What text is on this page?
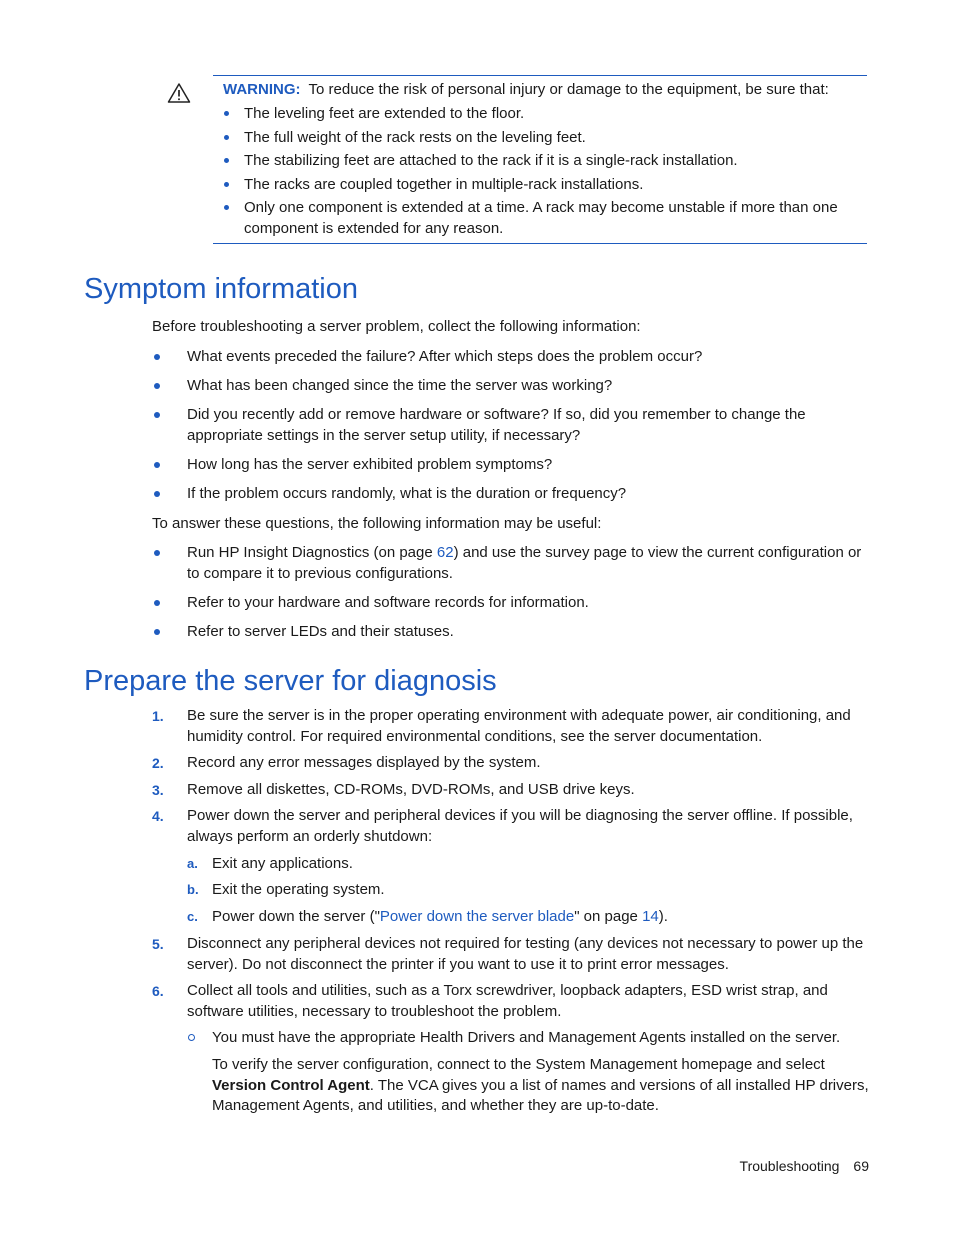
WARNING: To reduce the risk of personal injury or damage to the equipment, be sure that:
The leveling feet are extended to the floor.
The full weight of the rack rests on the leveling feet.
The stabilizing feet are attached to the rack if it is a single-rack installation.
The racks are coupled together in multiple-rack installations.
Only one component is extended at a time. A rack may become unstable if more than one component is extended for any reason.
Symptom information
Before troubleshooting a server problem, collect the following information:
What events preceded the failure? After which steps does the problem occur?
What has been changed since the time the server was working?
Did you recently add or remove hardware or software? If so, did you remember to change the appropriate settings in the server setup utility, if necessary?
How long has the server exhibited problem symptoms?
If the problem occurs randomly, what is the duration or frequency?
To answer these questions, the following information may be useful:
Run HP Insight Diagnostics (on page 62) and use the survey page to view the current configuration or to compare it to previous configurations.
Refer to your hardware and software records for information.
Refer to server LEDs and their statuses.
Prepare the server for diagnosis
1. Be sure the server is in the proper operating environment with adequate power, air conditioning, and humidity control. For required environmental conditions, see the server documentation.
2. Record any error messages displayed by the system.
3. Remove all diskettes, CD-ROMs, DVD-ROMs, and USB drive keys.
4. Power down the server and peripheral devices if you will be diagnosing the server offline. If possible, always perform an orderly shutdown:
a. Exit any applications.
b. Exit the operating system.
c. Power down the server ("Power down the server blade" on page 14).
5. Disconnect any peripheral devices not required for testing (any devices not necessary to power up the server). Do not disconnect the printer if you want to use it to print error messages.
6. Collect all tools and utilities, such as a Torx screwdriver, loopback adapters, ESD wrist strap, and software utilities, necessary to troubleshoot the problem.
You must have the appropriate Health Drivers and Management Agents installed on the server.
To verify the server configuration, connect to the System Management homepage and select Version Control Agent. The VCA gives you a list of names and versions of all installed HP drivers, Management Agents, and utilities, and whether they are up-to-date.
Troubleshooting 69
